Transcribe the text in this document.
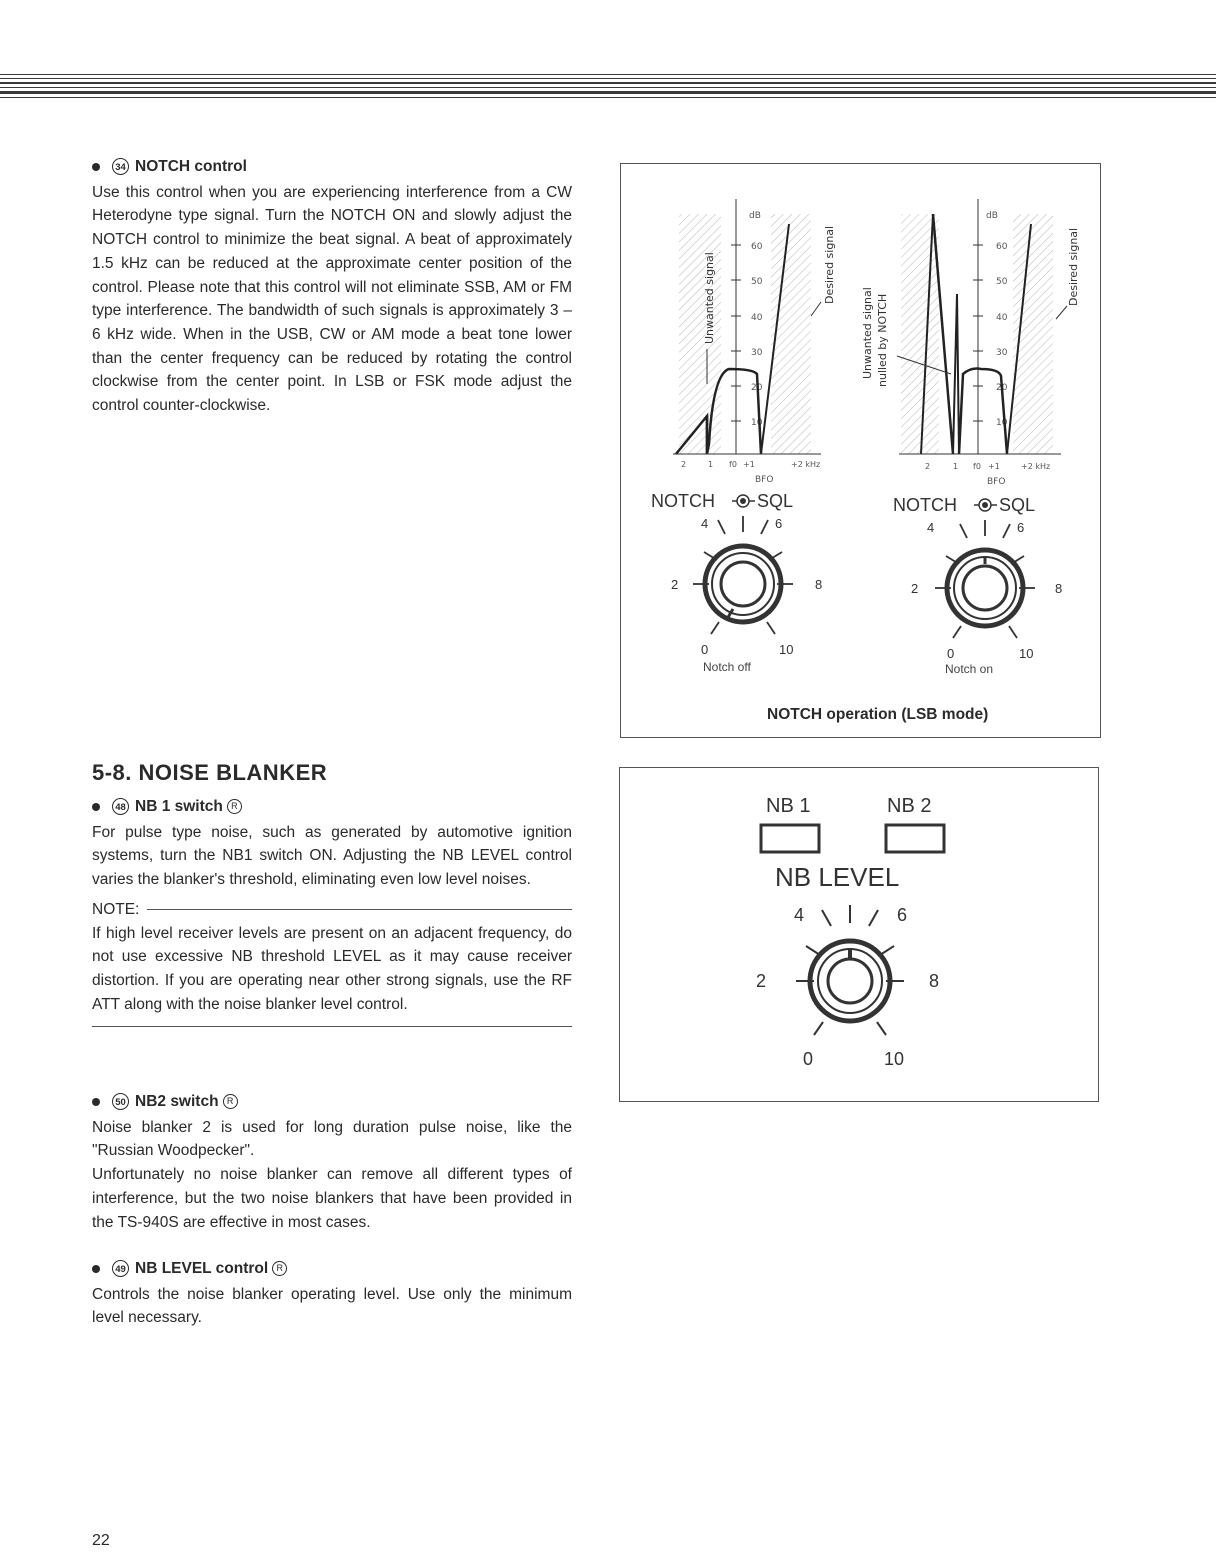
34 NOTCH control

Use this control when you are experiencing interference from a CW Heterodyne type signal. Turn the NOTCH ON and slowly adjust the NOTCH control to minimize the beat signal. A beat of approximately 1.5 kHz can be reduced at the approximate center position of the control. Please note that this control will not eliminate SSB, AM or FM type interference. The bandwidth of such signals is approximately 3 – 6 kHz wide. When in the USB, CW or AM mode a beat tone lower than the center frequency can be reduced by rotating the control clockwise from the center point. In LSB or FSK mode adjust the control counter-clockwise.

dB
60
50
40
30
20
10
Unwanted signal	Desired signal
2	1 f0 +1	+2 kHz
BFO
dB
60
50
40
30
20
10
Unwanted signal nulled by NOTCH
Desired signal
2	1 f0 +1	+2 kHz
BFO
NOTCH SQL
0
2
4	6
8
10
Notch off
NOTCH SQL
0
2
4	6
8
10
Notch on
NOTCH operation (LSB mode)
5-8. NOISE BLANKER
48 NB 1 switch R

For pulse type noise, such as generated by automotive ignition systems, turn the NB1 switch ON. Adjusting the NB LEVEL control varies the blanker's threshold, eliminating even low level noises.

NOTE:

If high level receiver levels are present on an adjacent frequency, do not use excessive NB threshold LEVEL as it may cause receiver distortion. If you are operating near other strong signals, use the RF ATT along with the noise blanker level control.

50 NB2 switch R

Noise blanker 2 is used for long duration pulse noise, like the "Russian Woodpecker".

Unfortunately no noise blanker can remove all different types of interference, but the two noise blankers that have been provided in the TS-940S are effective in most cases.

49 NB LEVEL control R

Controls the noise blanker operating level. Use only the minimum level necessary.

NB 1	NB 2
NB LEVEL
0
2
4	6
8
10
22
